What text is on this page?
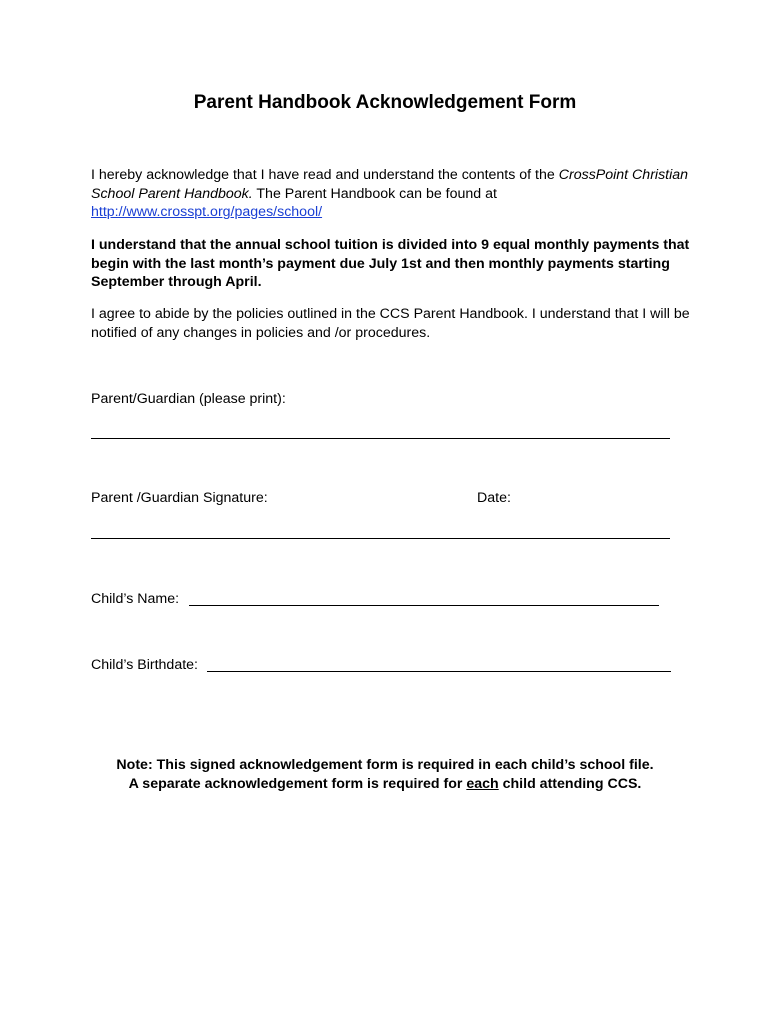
Parent Handbook Acknowledgement Form
I hereby acknowledge that I have read and understand the contents of the CrossPoint Christian School Parent Handbook. The Parent Handbook can be found at http://www.crosspt.org/pages/school/
I understand that the annual school tuition is divided into 9 equal monthly payments that begin with the last month’s payment due July 1st and then monthly payments starting September through April.
I agree to abide by the policies outlined in the CCS Parent Handbook. I understand that I will be notified of any changes in policies and /or procedures.
Parent/Guardian (please print):
Parent /Guardian Signature:	Date:
Child’s Name:
Child’s Birthdate:
Note: This signed acknowledgement form is required in each child’s school file.
A separate acknowledgement form is required for each child attending CCS.
